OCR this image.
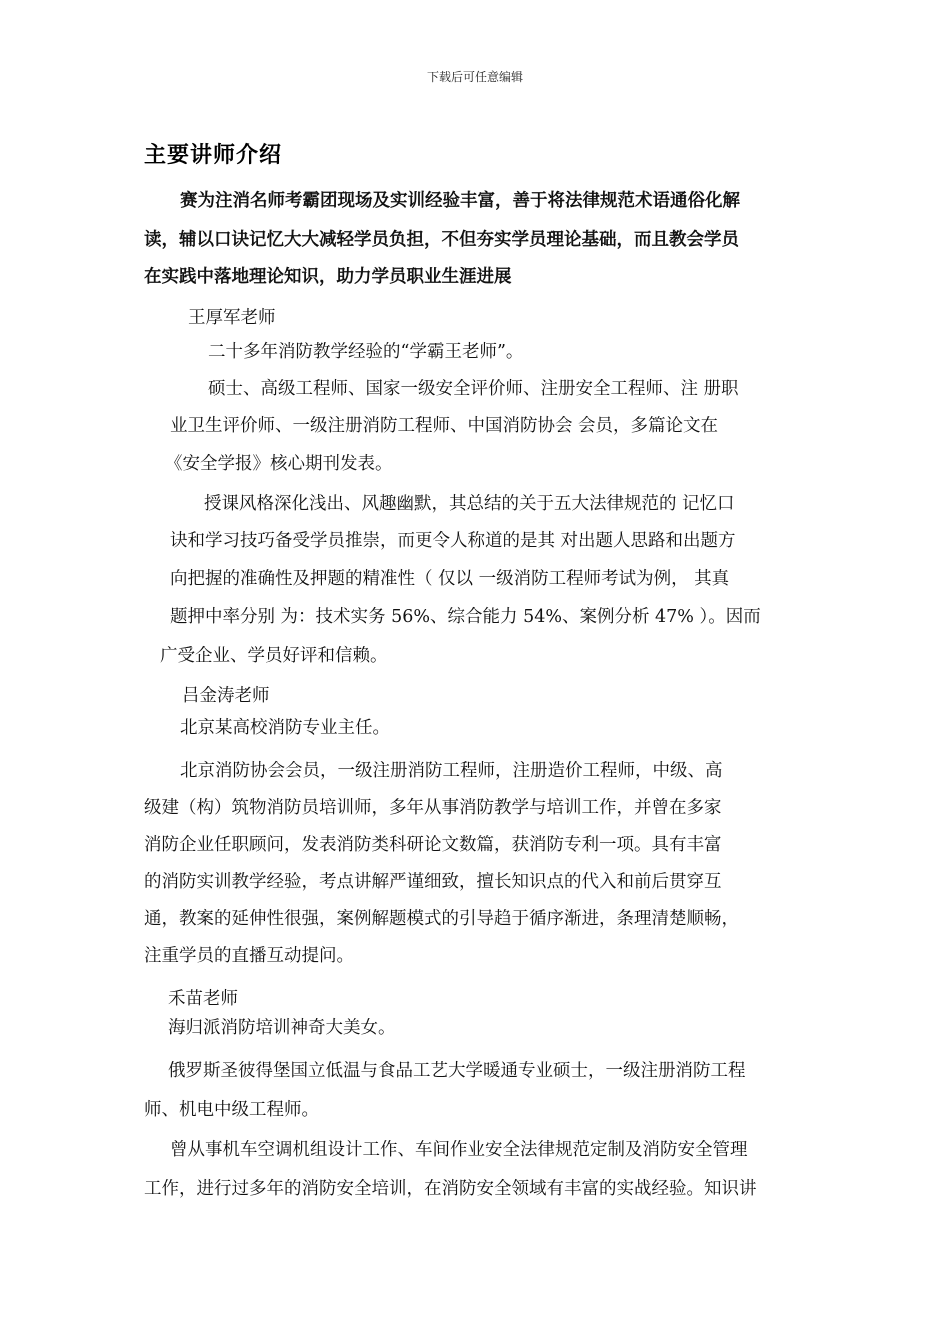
下载后可任意编辑
主要讲师介绍
赛为注消名师考霸团现场及实训经验丰富，善于将法律规范术语通俗化解
读，辅以口诀记忆大大减轻学员负担，不但夯实学员理论基础，而且教会学员
在实践中落地理论知识，助力学员职业生涯进展
王厚军老师
二十多年消防教学经验的“学霸王老师”。
硕士、高级工程师、国家一级安全评价师、注册安全工程师、注 册职
业卫生评价师、一级注册消防工程师、中国消防协会 会员，多篇论文在
《安全学报》核心期刊发表。
授课风格深化浅出、风趣幽默，其总结的关于五大法律规范的 记忆口
诀和学习技巧备受学员推崇，而更令人称道的是其 对出题人思路和出题方
向把握的准确性及押题的精准性（ 仅以 一级消防工程师考试为例， 其真
题押中率分别 为：技术实务 56%、综合能力 54%、案例分析 47% ）。因而
广受企业、学员好评和信赖。
吕金涛老师
北京某高校消防专业主任。
北京消防协会会员，一级注册消防工程师，注册造价工程师，中级、高
级建（构）筑物消防员培训师，多年从事消防教学与培训工作，并曾在多家
消防企业任职顾问，发表消防类科研论文数篇，获消防专利一项。具有丰富
的消防实训教学经验，考点讲解严谨细致，擅长知识点的代入和前后贯穿互
通，教案的延伸性很强，案例解题模式的引导趋于循序渐进，条理清楚顺畅，
注重学员的直播互动提问。
禾苗老师
海归派消防培训神奇大美女。
俄罗斯圣彼得堡国立低温与食品工艺大学暖通专业硕士，一级注册消防工程
师、机电中级工程师。
曾从事机车空调机组设计工作、车间作业安全法律规范定制及消防安全管理
工作，进行过多年的消防安全培训，在消防安全领域有丰富的实战经验。知识讲
